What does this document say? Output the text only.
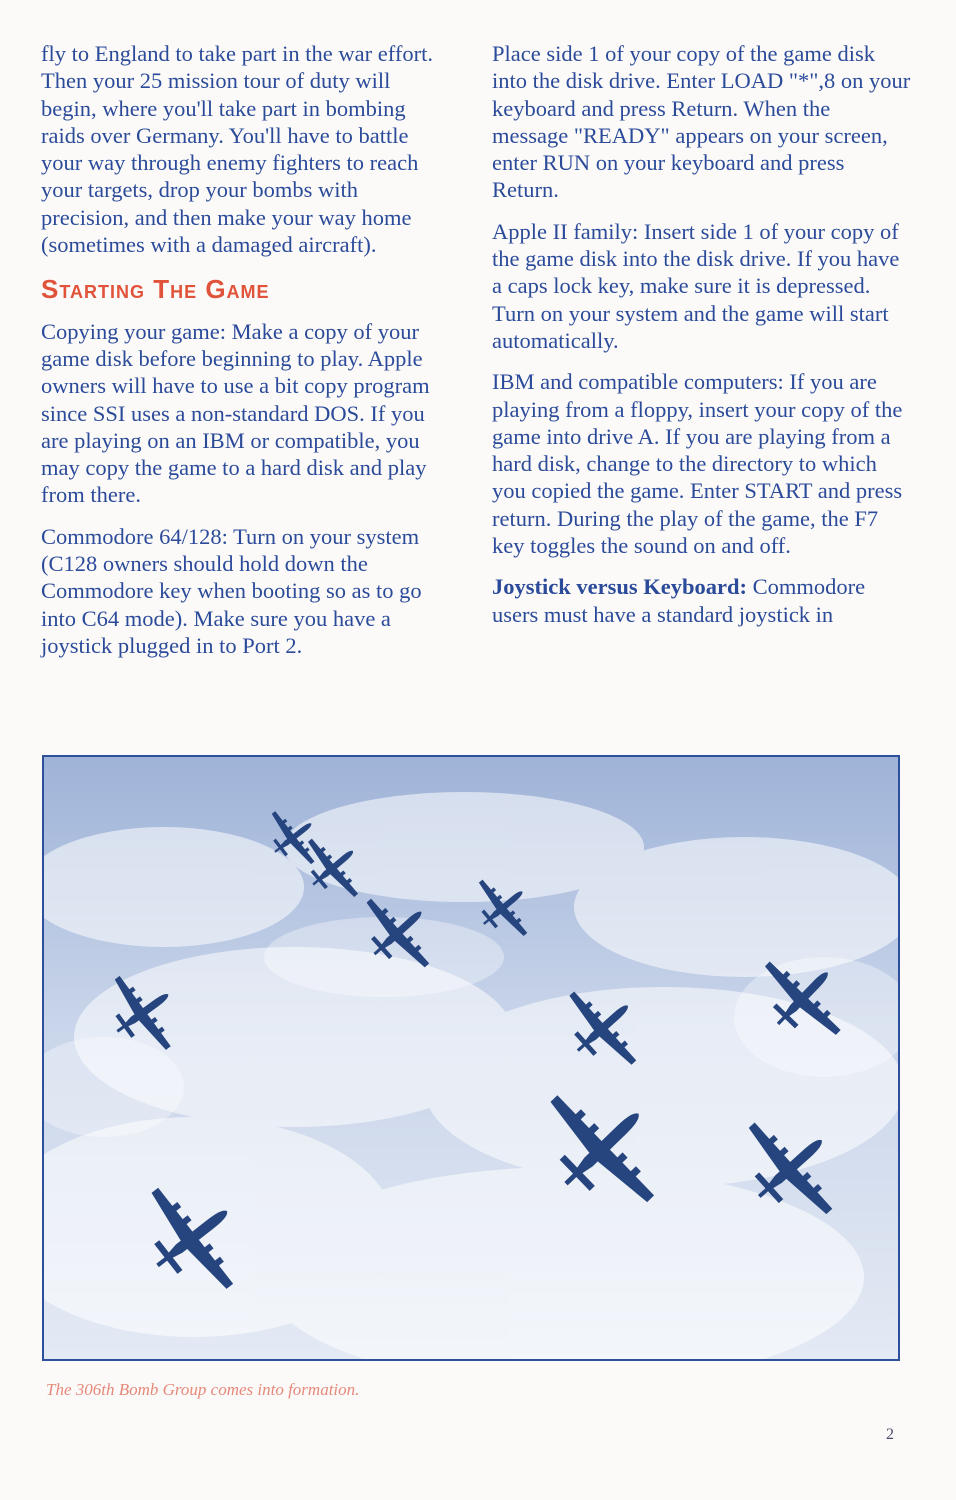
fly to England to take part in the war effort. Then your 25 mission tour of duty will begin, where you'll take part in bombing raids over Germany. You'll have to battle your way through enemy fighters to reach your targets, drop your bombs with precision, and then make your way home (sometimes with a damaged aircraft).

Starting The Game

Copying your game: Make a copy of your game disk before beginning to play. Apple owners will have to use a bit copy program since SSI uses a non-standard DOS. If you are playing on an IBM or compatible, you may copy the game to a hard disk and play from there.

Commodore 64/128: Turn on your system (C128 owners should hold down the Commodore key when booting so as to go into C64 mode). Make sure you have a joystick plugged in to Port 2.

Place side 1 of your copy of the game disk into the disk drive. Enter LOAD "*",8 on your keyboard and press Return. When the message "READY" appears on your screen, enter RUN on your keyboard and press Return.

Apple II family: Insert side 1 of your copy of the game disk into the disk drive. If you have a caps lock key, make sure it is depressed. Turn on your system and the game will start automatically.

IBM and compatible computers: If you are playing from a floppy, insert your copy of the game into drive A. If you are playing from a hard disk, change to the directory to which you copied the game. Enter START and press return. During the play of the game, the F7 key toggles the sound on and off.

Joystick versus Keyboard: Commodore users must have a standard joystick in

The 306th Bomb Group comes into formation.
2
